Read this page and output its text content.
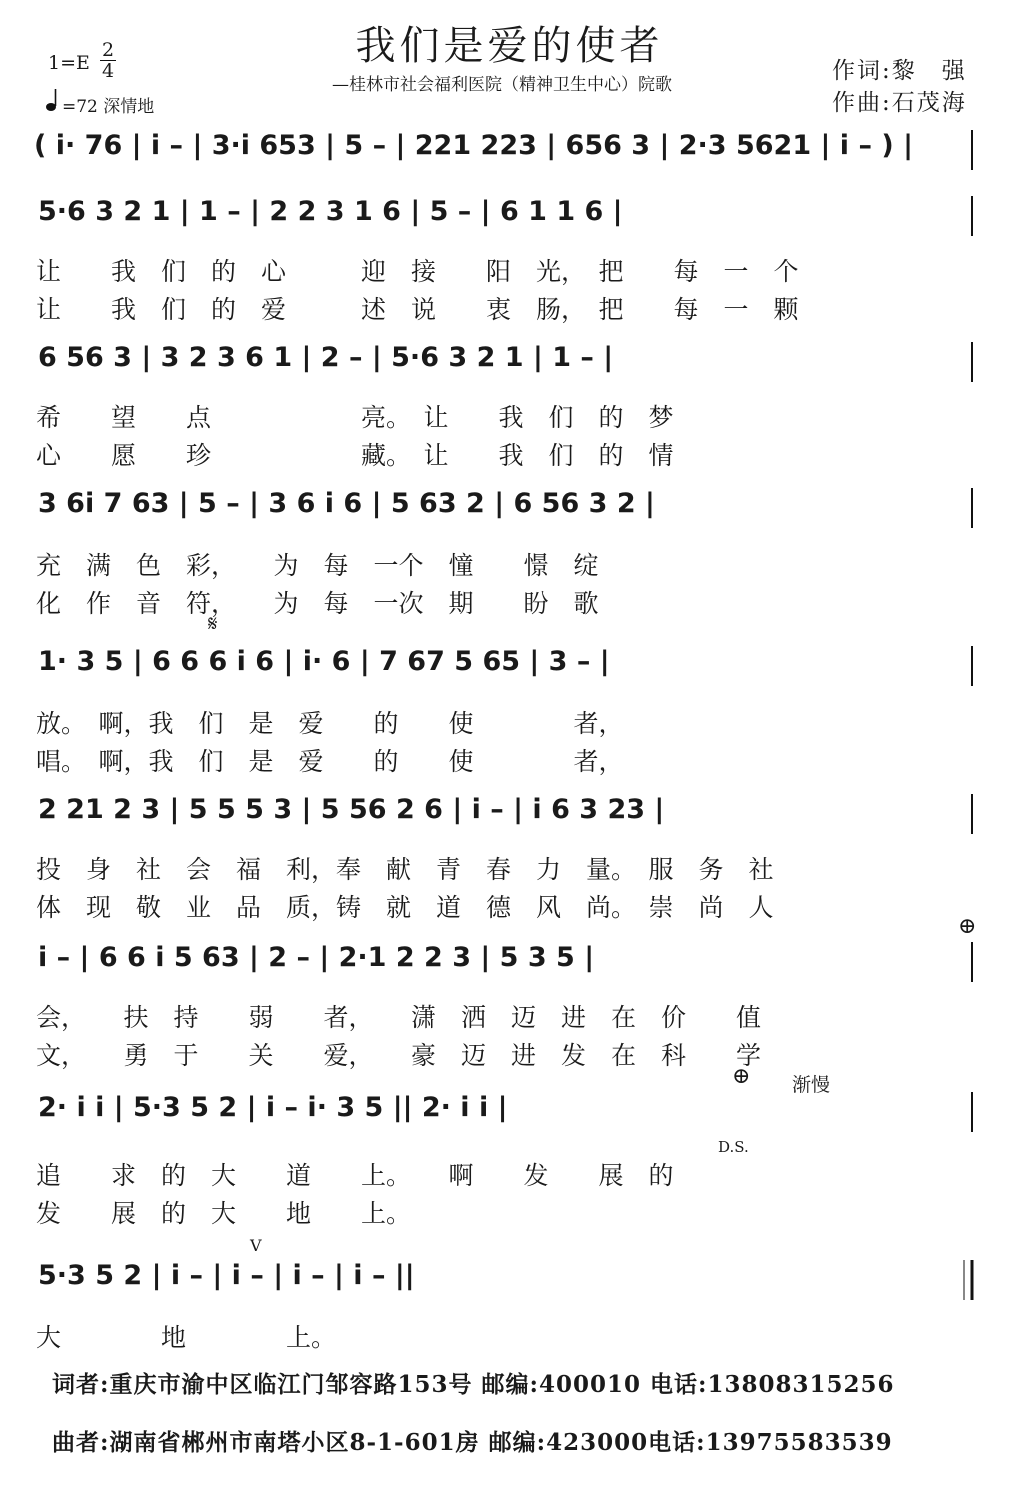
我们是爱的使者
—桂林市社会福利医院（精神卫生中心）院歌
作词:黎　强
作曲:石茂海
1=E
2
4
=72 深情地
( i· 76 | i – | 3·i 653 | 5 – | 221 223 | 656 3 | 2·3 5621 | i – ) |
5·6 3 2 1 | 1 – | 2 2 3 1 6 | 5 – | 6 1 1 6 |
让　　我　们　的　心　　　迎　接　　阳　光，　把　　每　一　个
让　　我　们　的　爱　　　述　说　　衷　肠，　把　　每　一　颗
6 56 3 | 3 2 3 6 1 | 2 – | 5·6 3 2 1 | 1 – |
希　　望　　点　　　　　　亮。　让　　我　们　的　梦
心　　愿　　珍　　　　　　藏。　让　　我　们　的　情
3 6i 7 63 | 5 – | 3 6 i 6 | 5 63 2 | 6 56 3 2 |
充　满　色　彩，　　为　每　一个　憧　　憬　绽
化　作　音　符，　　为　每　一次　期　　盼　歌
𝄋
1· 3 5 | 6 6 6 i 6 | i· 6 | 7 67 5 65 | 3 – |
放。　啊，我　们　是　爱　　的　　使　　　　者，
唱。　啊，我　们　是　爱　　的　　使　　　　者，
2 21 2 3 | 5 5 5 3 | 5 56 2 6 | i – | i 6 3 23 |
投　身　社　会　福　利，奉　献　青　春　力　量。　服　务　社
体　现　敬　业　品　质，铸　就　道　德　风　尚。　崇　尚　人
⊕
i – | 6 6 i 5 63 | 2 – | 2·1 2 2 3 | 5 3 5 |
会，　　扶　持　　弱　　者，　　潇　洒　迈　进　在　价　　值
文，　　勇　于　　关　　爱，　　豪　迈　进　发　在　科　　学
⊕ 渐慢
D.S.
2· i i | 5·3 5 2 | i – i· 3 5 || 2· i i |
追　　求　的　大　　道　　上。　　啊　　发　　展　的
发　　展　的　大　　地　　上。
V
5·3 5 2 | i – | i – | i – | i – ||
大　　　　地　　　　上。
词者:重庆市渝中区临江门邹容路153号 邮编:400010 电话:13808315256
曲者:湖南省郴州市南塔小区8-1-601房 邮编:423000电话:13975583539
